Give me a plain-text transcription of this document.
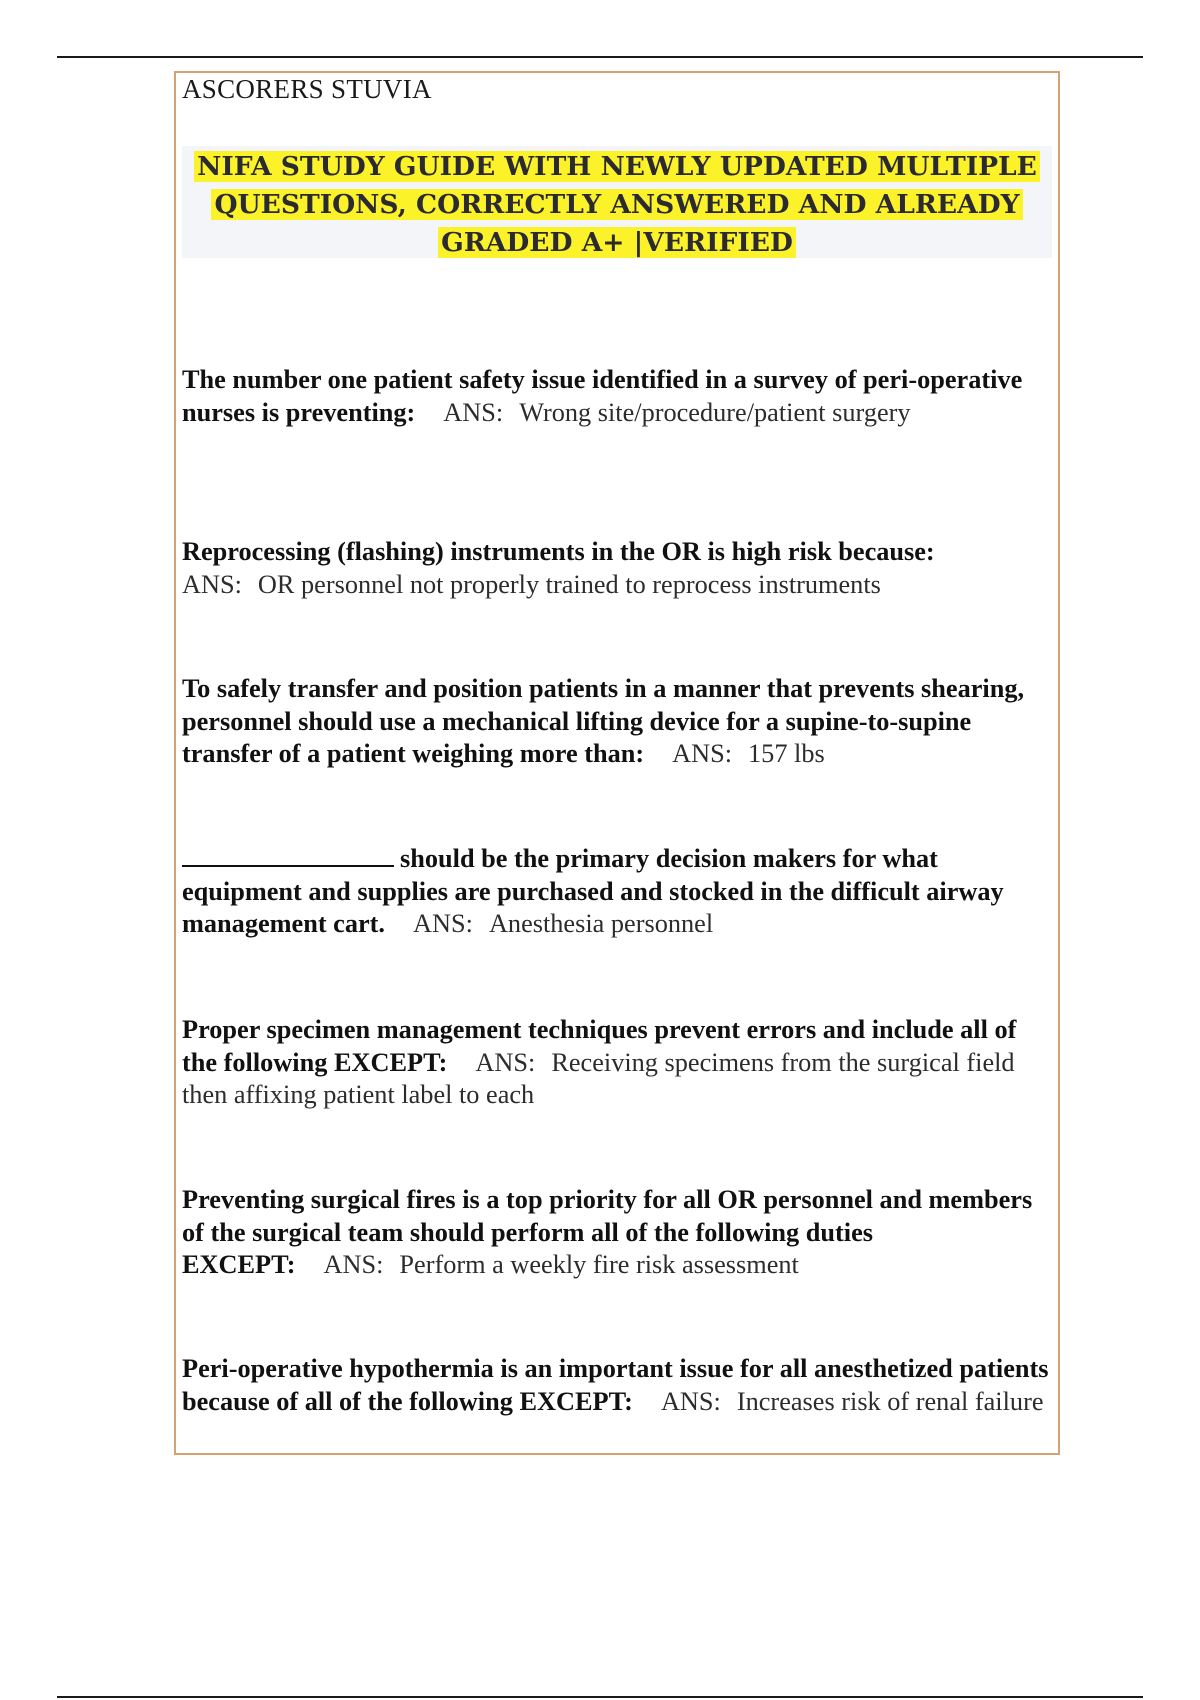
ASCORERS STUVIA
NIFA STUDY GUIDE WITH NEWLY UPDATED MULTIPLE
QUESTIONS, CORRECTLY ANSWERED AND ALREADY
GRADED A+ |VERIFIED
The number one patient safety issue identified in a survey of peri-operative nurses is preventing: ANS: Wrong site/procedure/patient surgery
Reprocessing (flashing) instruments in the OR is high risk because:
ANS: OR personnel not properly trained to reprocess instruments
To safely transfer and position patients in a manner that prevents shearing, personnel should use a mechanical lifting device for a supine-to-supine transfer of a patient weighing more than: ANS: 157 lbs
should be the primary decision makers for what equipment and supplies are purchased and stocked in the difficult airway management cart. ANS: Anesthesia personnel
Proper specimen management techniques prevent errors and include all of the following EXCEPT: ANS: Receiving specimens from the surgical field then affixing patient label to each
Preventing surgical fires is a top priority for all OR personnel and members of the surgical team should perform all of the following duties EXCEPT: ANS: Perform a weekly fire risk assessment
Peri-operative hypothermia is an important issue for all anesthetized patients because of all of the following EXCEPT: ANS: Increases risk of renal failure
